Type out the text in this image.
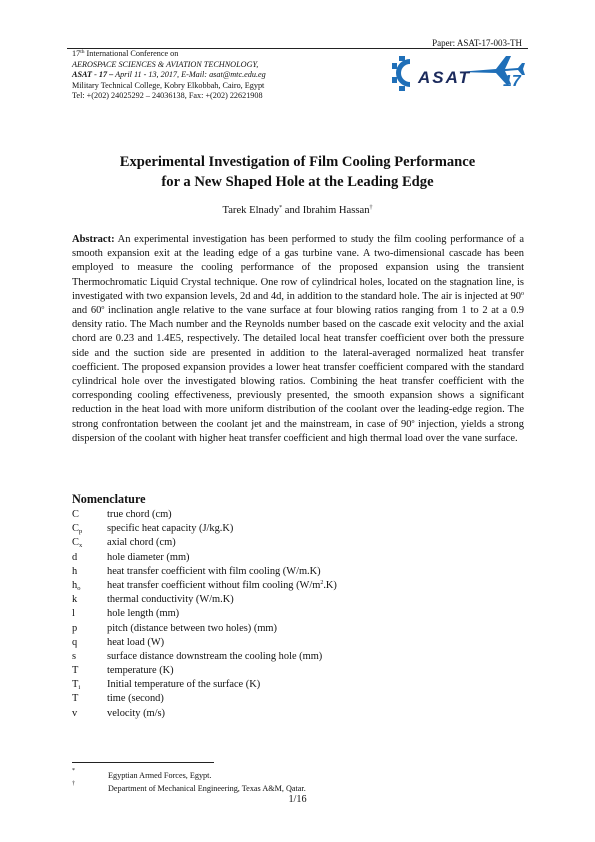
Paper: ASAT-17-003-TH
17th International Conference on
AEROSPACE SCIENCES & AVIATION TECHNOLOGY,
ASAT - 17 – April 11 - 13, 2017, E-Mail: asat@mtc.edu.eg
Military Technical College, Kobry Elkobbah, Cairo, Egypt
Tel: +(202) 24025292 – 24036138, Fax: +(202) 22621908
ASAT 17
Experimental Investigation of Film Cooling Performance
for a New Shaped Hole at the Leading Edge
Tarek Elnady* and Ibrahim Hassan†
Abstract: An experimental investigation has been performed to study the film cooling performance of a smooth expansion exit at the leading edge of a gas turbine vane. A two-dimensional cascade has been employed to measure the cooling performance of the proposed expansion using the transient Thermochromatic Liquid Crystal technique. One row of cylindrical holes, located on the stagnation line, is investigated with two expansion levels, 2d and 4d, in addition to the standard hole. The air is injected at 90$^o$ and 60$^o$ inclination angle relative to the vane surface at four blowing ratios ranging from 1 to 2 at a 0.9 density ratio. The Mach number and the Reynolds number based on the cascade exit velocity and the axial chord are 0.23 and 1.4E5, respectively. The detailed local heat transfer coefficient over both the pressure side and the suction side are presented in addition to the lateral-averaged normalized heat transfer coefficient. The proposed expansion provides a lower heat transfer coefficient compared with the standard cylindrical hole over the investigated blowing ratios. Combining the heat transfer coefficient with the corresponding cooling effectiveness, previously presented, the smooth expansion shows a significant reduction in the heat load with more uniform distribution of the coolant over the leading-edge region. The strong confrontation between the coolant jet and the mainstream, in case of 90$^o$ injection, yields a strong dispersion of the coolant with higher heat transfer coefficient and high thermal load over the vane surface.
Nomenclature
C	true chord (cm)
$C_p$ specific heat capacity (J/kg.K)
$C_x$ axial chord (cm)
d	hole diameter (mm)
h	heat transfer coefficient with film cooling (W/m.K)
$h_o$	heat transfer coefficient without film cooling $(W/m^2.K)$
k	thermal conductivity (W/m.K)
l	hole length (mm)
p	pitch (distance between two holes) (mm)
q	heat load (W)
s	surface distance downstream the cooling hole (mm)
T	temperature (K)
$T_i$	Initial temperature of the surface (K)
T	time (second)
v	velocity (m/s)
*	Egyptian Armed Forces, Egypt.
†	Department of Mechanical Engineering, Texas A&M, Qatar.
1/16
